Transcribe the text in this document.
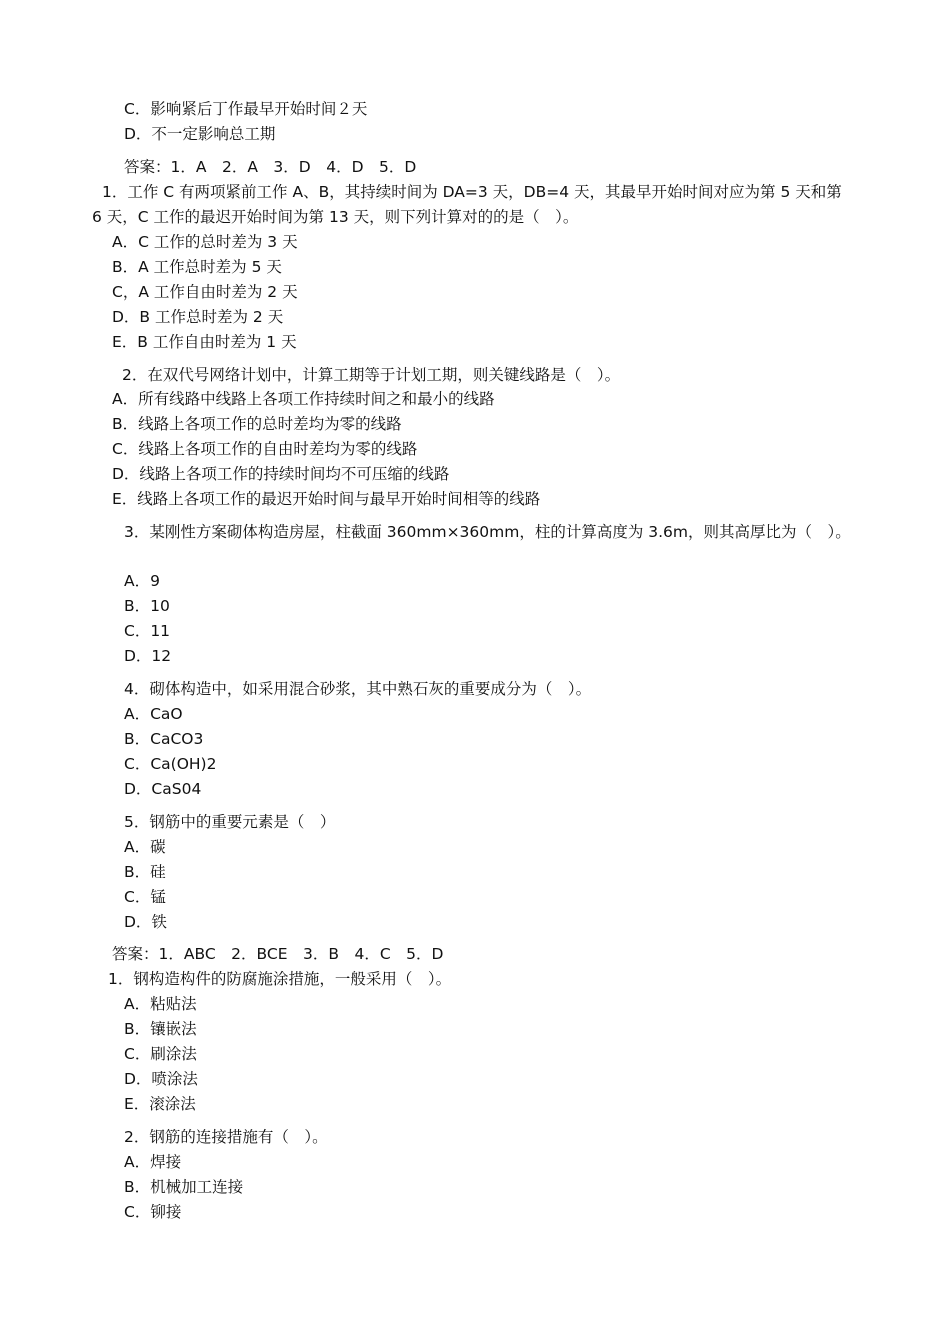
C．影响紧后丁作最早开始时间２天
D．不一定影响总工期
答案：1．A　2．A　3．D　4．D　5．D
1．工作 C 有两项紧前工作 A、B，其持续时间为 DA=3 天，DB=4 天，其最早开始时间对应为第 5 天和第 6 天，C 工作的最迟开始时间为第 13 天，则下列计算对的的是（　）。
A．C 工作的总时差为 3 天
B．A 工作总时差为 5 天
C，A 工作自由时差为 2 天
D．B 工作总时差为 2 天
E．B 工作自由时差为 1 天
2．在双代号网络计划中，计算工期等于计划工期，则关键线路是（　）。
A．所有线路中线路上各项工作持续时间之和最小的线路
B．线路上各项工作的总时差均为零的线路
C．线路上各项工作的自由时差均为零的线路
D．线路上各项工作的持续时间均不可压缩的线路
E．线路上各项工作的最迟开始时间与最早开始时间相等的线路
3．某刚性方案砌体构造房屋，柱截面 360mm×360mm，柱的计算高度为 3.6m，则其高厚比为（　）。
A．9
B．10
C．11
D．12
4．砌体构造中，如采用混合砂浆，其中熟石灰的重要成分为（　）。
A．CaO
B．CaCO3
C．Ca(OH)2
D．CaS04
5．钢筋中的重要元素是（　）
A．碳
B．硅
C．锰
D．铁
答案：1．ABC　2．BCE　3．B　4．C　5．D
1．钢构造构件的防腐施涂措施，一般采用（　）。
A．粘贴法
B．镶嵌法
C．刷涂法
D．喷涂法
E．滚涂法
2．钢筋的连接措施有（　）。
A．焊接
B．机械加工连接
C．铆接
